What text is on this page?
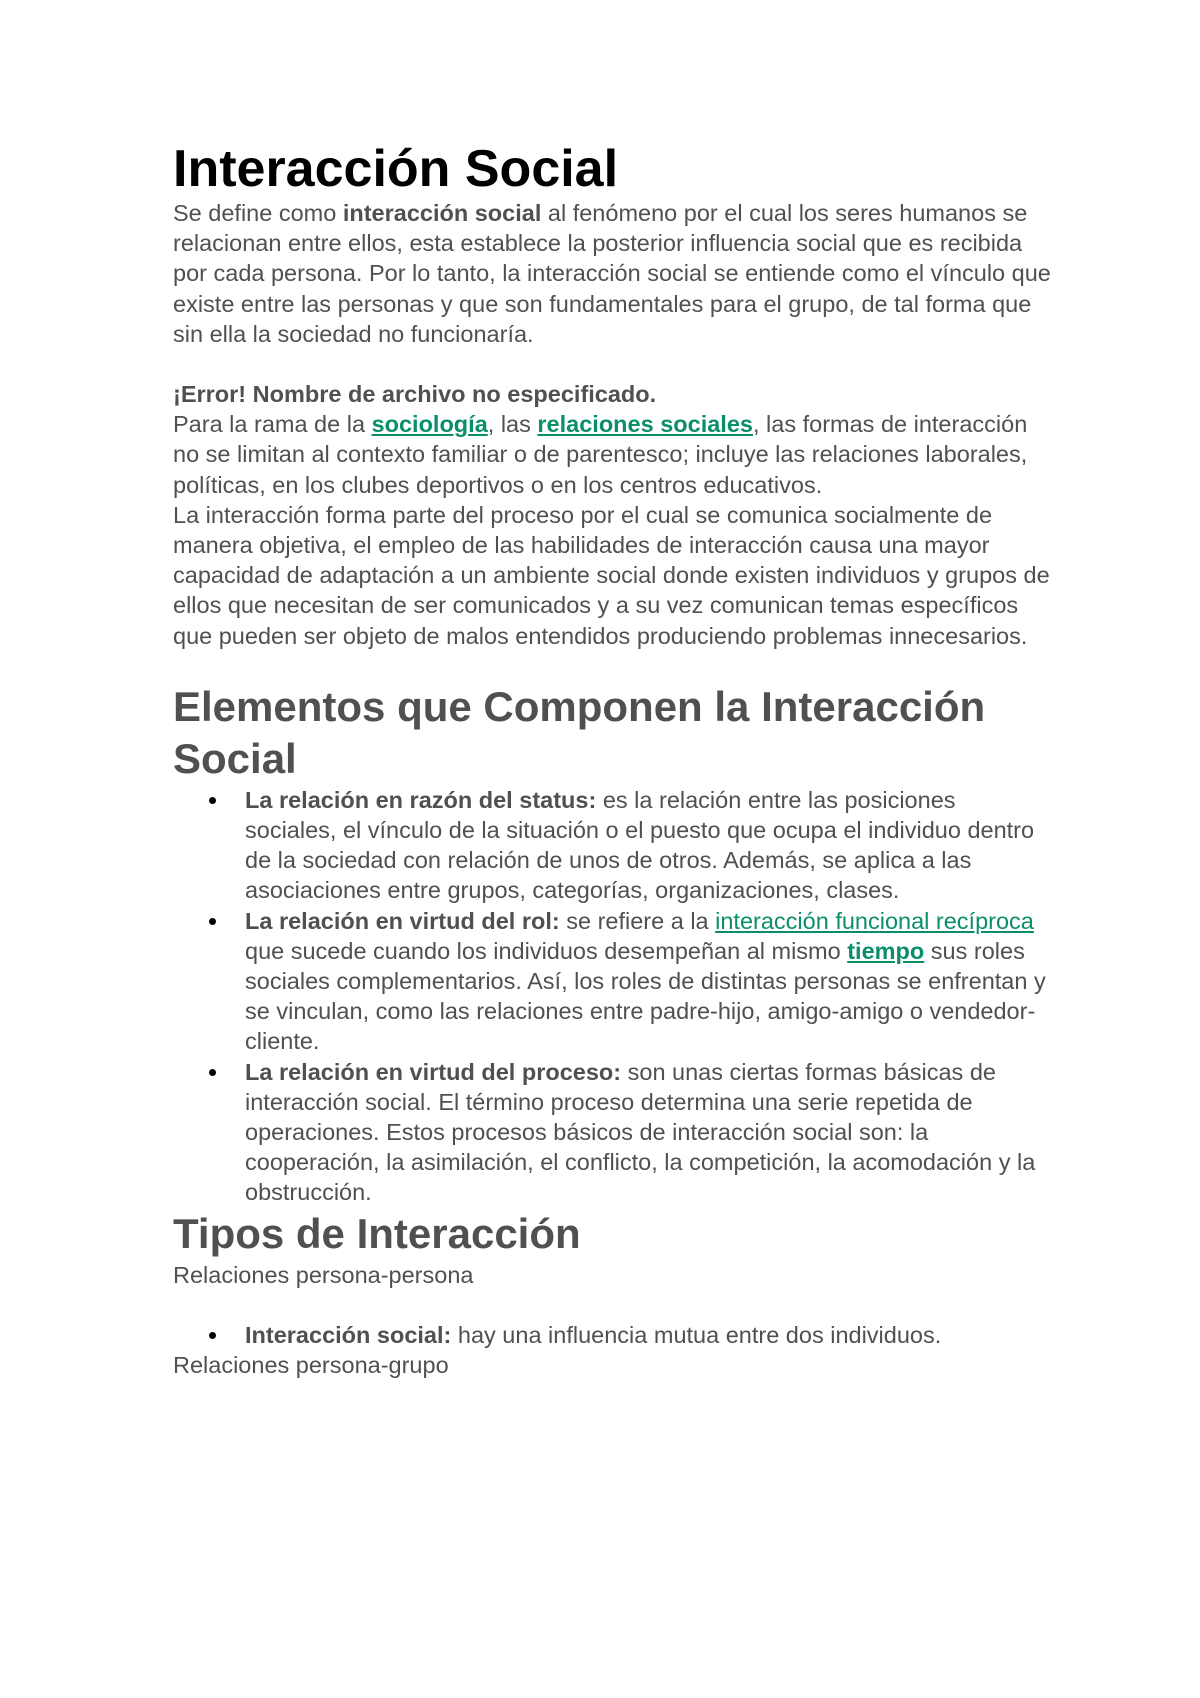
Interacción Social

Se define como interacción social al fenómeno por el cual los seres humanos se relacionan entre ellos, esta establece la posterior influencia social que es recibida por cada persona. Por lo tanto, la interacción social se entiende como el vínculo que existe entre las personas y que son fundamentales para el grupo, de tal forma que sin ella la sociedad no funcionaría.

¡Error! Nombre de archivo no especificado.

Para la rama de la sociología, las relaciones sociales, las formas de interacción no se limitan al contexto familiar o de parentesco; incluye las relaciones laborales, políticas, en los clubes deportivos o en los centros educativos.

La interacción forma parte del proceso por el cual se comunica socialmente de manera objetiva, el empleo de las habilidades de interacción causa una mayor capacidad de adaptación a un ambiente social donde existen individuos y grupos de ellos que necesitan de ser comunicados y a su vez comunican temas específicos que pueden ser objeto de malos entendidos produciendo problemas innecesarios.

Elementos que Componen la Interacción Social
La relación en razón del status: es la relación entre las posiciones sociales, el vínculo de la situación o el puesto que ocupa el individuo dentro de la sociedad con relación de unos de otros. Además, se aplica a las asociaciones entre grupos, categorías, organizaciones, clases.
La relación en virtud del rol: se refiere a la interacción funcional recíproca que sucede cuando los individuos desempeñan al mismo tiempo sus roles sociales complementarios. Así, los roles de distintas personas se enfrentan y se vinculan, como las relaciones entre padre-hijo, amigo-amigo o vendedor-cliente.
La relación en virtud del proceso: son unas ciertas formas básicas de interacción social. El término proceso determina una serie repetida de operaciones. Estos procesos básicos de interacción social son: la cooperación, la asimilación, el conflicto, la competición, la acomodación y la obstrucción.
Tipos de Interacción

Relaciones persona-persona

Interacción social: hay una influencia mutua entre dos individuos.

Relaciones persona-grupo
